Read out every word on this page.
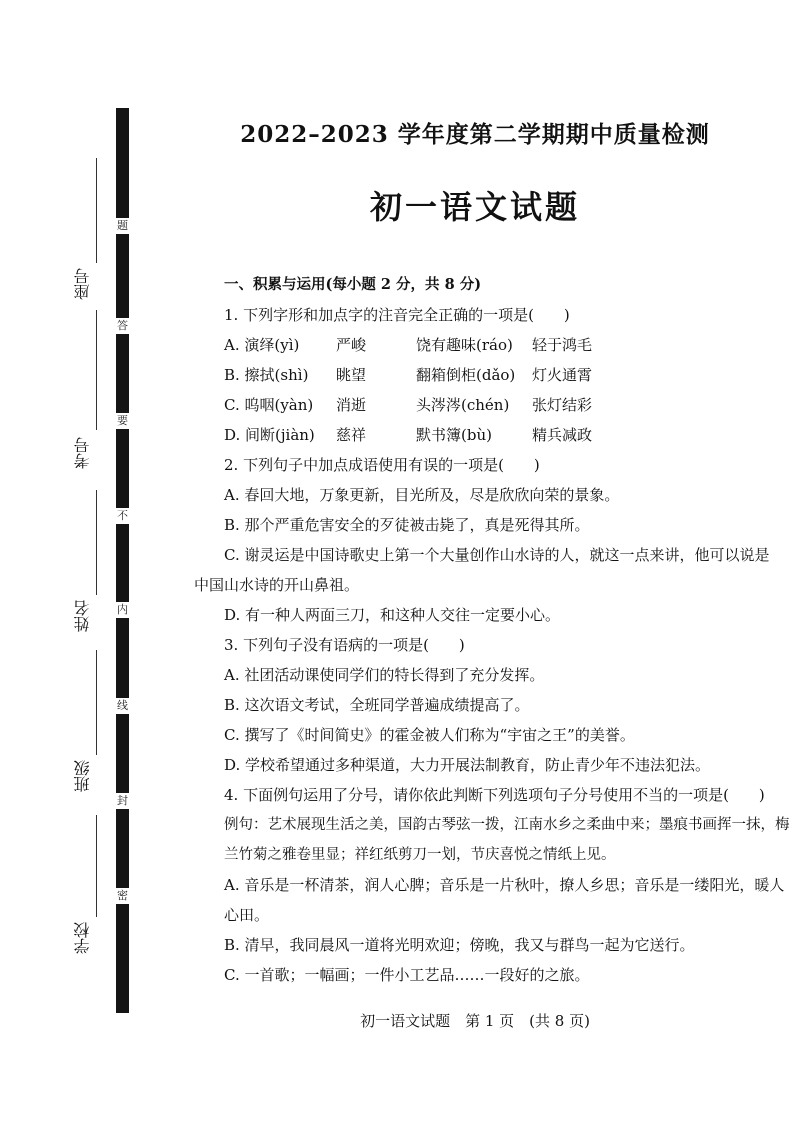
题
答
要
不
内
线
封
密
座号
考号
姓名
班级
学校
2022–2023 学年度第二学期期中质量检测
初一语文试题

一、积累与运用(每小题 2 分，共 8 分)

1. 下列字形和加点字的注音完全正确的一项是(　　)

A. 演绎(yì)	严峻	饶有趣味(ráo)	轻于鸿毛
B. 擦拭(shì)	眺望	翻箱倒柜(dǎo)	灯火通霄
C. 呜咽(yàn)	消逝	头涔涔(chén)	张灯结彩
D. 间断(jiàn)	慈祥	默书簿(bù)	精兵减政

2. 下列句子中加点成语使用有误的一项是(　　)

A. 春回大地，万象更新，目光所及，尽是欣欣向荣的景象。

B. 那个严重危害安全的歹徒被击毙了，真是死得其所。

C. 谢灵运是中国诗歌史上第一个大量创作山水诗的人，就这一点来讲，他可以说是

中国山水诗的开山鼻祖。

D. 有一种人两面三刀，和这种人交往一定要小心。

3. 下列句子没有语病的一项是(　　)

A. 社团活动课使同学们的特长得到了充分发挥。

B. 这次语文考试，全班同学普遍成绩提高了。

C. 撰写了《时间简史》的霍金被人们称为“宇宙之王”的美誉。

D. 学校希望通过多种渠道，大力开展法制教育，防止青少年不违法犯法。

4. 下面例句运用了分号，请你依此判断下列选项句子分号使用不当的一项是(　　)

例句：艺术展现生活之美，国韵古琴弦一拨，江南水乡之柔曲中来；墨痕书画挥一抹，梅兰竹菊之雅卷里显；祥红纸剪刀一划，节庆喜悦之情纸上见。

A. 音乐是一杯清茶，润人心脾；音乐是一片秋叶，撩人乡思；音乐是一缕阳光，暖人心田。

B. 清早，我同晨风一道将光明欢迎；傍晚，我又与群鸟一起为它送行。

C. 一首歌；一幅画；一件小工艺品……一段好的之旅。

初一语文试题　第 1 页　(共 8 页)
